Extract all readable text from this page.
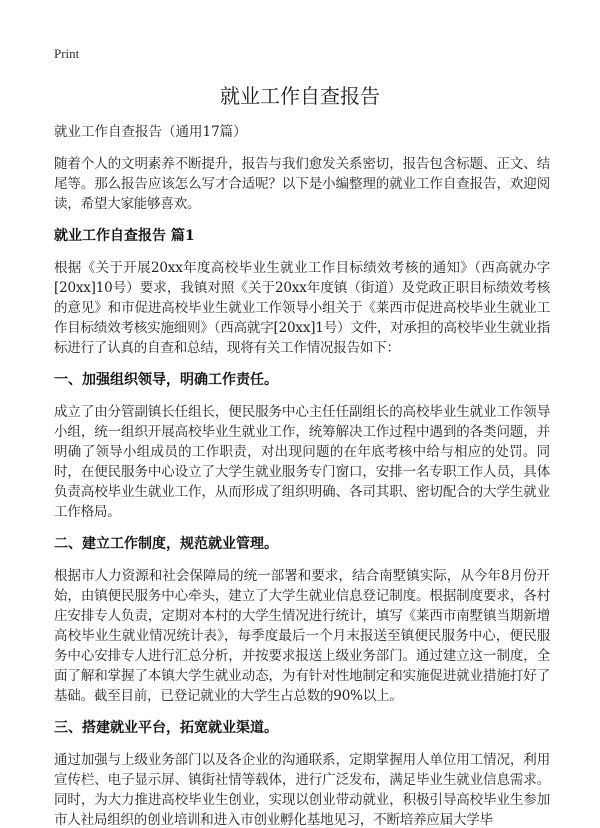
Print
就业工作自查报告
就业工作自查报告（通用17篇）

随着个人的文明素养不断提升，报告与我们愈发关系密切，报告包含标题、正文、结尾等。那么报告应该怎么写才合适呢？以下是小编整理的就业工作自查报告，欢迎阅读，希望大家能够喜欢。

就业工作自查报告 篇1

根据《关于开展20xx年度高校毕业生就业工作目标绩效考核的通知》（西高就办字[20xx]10号）要求，我镇对照《关于20xx年度镇（街道）及党政正职目标绩效考核的意见》和市促进高校毕业生就业工作领导小组关于《莱西市促进高校毕业生就业工作目标绩效考核实施细则》（西高就字[20xx]1号）文件，对承担的高校毕业生就业指标进行了认真的自查和总结，现将有关工作情况报告如下：

一、加强组织领导，明确工作责任。

成立了由分管副镇长任组长，便民服务中心主任任副组长的高校毕业生就业工作领导小组，统一组织开展高校毕业生就业工作，统筹解决工作过程中遇到的各类问题，并明确了领导小组成员的工作职责，对出现问题的在年底考核中给与相应的处罚。同时，在便民服务中心设立了大学生就业服务专门窗口，安排一名专职工作人员，具体负责高校毕业生就业工作，从而形成了组织明确、各司其职、密切配合的大学生就业工作格局。

二、建立工作制度，规范就业管理。

根据市人力资源和社会保障局的统一部署和要求，结合南墅镇实际，从今年8月份开始，由镇便民服务中心牵头，建立了大学生就业信息登记制度。根据制度要求，各村庄安排专人负责，定期对本村的大学生情况进行统计，填写《莱西市南墅镇当期新增高校毕业生就业情况统计表》，每季度最后一个月末报送至镇便民服务中心，便民服务中心安排专人进行汇总分析，并按要求报送上级业务部门。通过建立这一制度，全面了解和掌握了本镇大学生就业动态，为有针对性地制定和实施促进就业措施打好了基础。截至目前，已登记就业的大学生占总数的90%以上。

三、搭建就业平台，拓宽就业渠道。

通过加强与上级业务部门以及各企业的沟通联系，定期掌握用人单位用工情况，利用宣传栏、电子显示屏、镇街社情等载体，进行广泛发布，满足毕业生就业信息需求。同时，为大力推进高校毕业生创业，实现以创业带动就业，积极引导高校毕业生参加市人社局组织的创业培训和进入市创业孵化基地见习，不断培养应届大学毕
